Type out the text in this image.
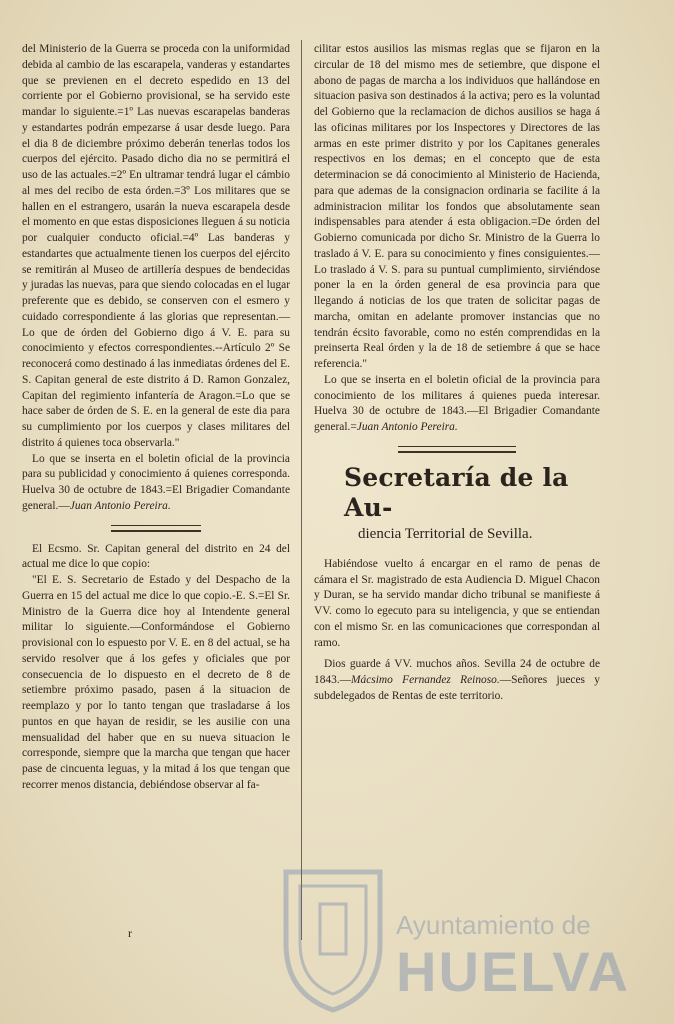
del Ministerio de la Guerra se proceda con la uniformidad debida al cambio de las escarapela, vanderas y estandartes que se previenen en el decreto espedido en 13 del corriente por el Gobierno provisional, se ha servido este mandar lo siguiente.=1º Las nuevas escarapelas banderas y estandartes podrán empezarse á usar desde luego. Para el dia 8 de diciembre próximo deberán tenerlas todos los cuerpos del ejército. Pasado dicho dia no se permitirá el uso de las actuales.=2º En ultramar tendrá lugar el cámbio al mes del recibo de esta órden.=3º Los militares que se hallen en el estrangero, usarán la nueva escarapela desde el momento en que estas disposiciones lleguen á su noticia por cualquier conducto oficial.=4º Las banderas y estandartes que actualmente tienen los cuerpos del ejército se remitirán al Museo de artillería despues de bendecidas y juradas las nuevas, para que siendo colocadas en el lugar preferente que es debido, se conserven con el esmero y cuidado correspondiente á las glorias que representan.—Lo que de órden del Gobierno digo á V. E. para su conocimiento y efectos correspondientes.--Artículo 2º Se reconocerá como destinado á las inmediatas órdenes del E. S. Capitan general de este distrito á D. Ramon Gonzalez, Capitan del regimiento infantería de Aragon.=Lo que se hace saber de órden de S. E. en la general de este dia para su cumplimiento por los cuerpos y clases militares del distrito á quienes toca observarla."

Lo que se inserta en el boletin oficial de la provincia para su publicidad y conocimiento á quienes corresponda. Huelva 30 de octubre de 1843.=El Brigadier Comandante general.—Juan Antonio Pereira.

El Ecsmo. Sr. Capitan general del distrito en 24 del actual me dice lo que copio:

"El E. S. Secretario de Estado y del Despacho de la Guerra en 15 del actual me dice lo que copio.-E. S.=El Sr. Ministro de la Guerra dice hoy al Intendente general militar lo siguiente.—Conformándose el Gobierno provisional con lo espuesto por V. E. en 8 del actual, se ha servido resolver que á los gefes y oficiales que por consecuencia de lo dispuesto en el decreto de 8 de setiembre próximo pasado, pasen á la situacion de reemplazo y por lo tanto tengan que trasladarse á los puntos en que hayan de residir, se les ausilie con una mensualidad del haber que en su nueva situacion le corresponde, siempre que la marcha que tengan que hacer pase de cincuenta leguas, y la mitad á los que tengan que recorrer menos distancia, debiéndose observar al fa-

cilitar estos ausilios las mismas reglas que se fijaron en la circular de 18 del mismo mes de setiembre, que dispone el abono de pagas de marcha a los individuos que hallándose en situacion pasiva son destinados á la activa; pero es la voluntad del Gobierno que la reclamacion de dichos ausilios se haga á las oficinas militares por los Inspectores y Directores de las armas en este primer distrito y por los Capitanes generales respectivos en los demas; en el concepto que de esta determinacion se dá conocimiento al Ministerio de Hacienda, para que ademas de la consignacion ordinaria se facilite á la administracion militar los fondos que absolutamente sean indispensables para atender á esta obligacion.=De órden del Gobierno comunicada por dicho Sr. Ministro de la Guerra lo traslado á V. E. para su conocimiento y fines consiguientes.—Lo traslado á V. S. para su puntual cumplimiento, sirviéndose poner la en la órden general de esa provincia para que llegando á noticias de los que traten de solicitar pagas de marcha, omitan en adelante promover instancias que no tendrán écsito favorable, como no estén comprendidas en la preinserta Real órden y la de 18 de setiembre á que se hace referencia."

Lo que se inserta en el boletin oficial de la provincia para conocimiento de los militares á quienes pueda interesar. Huelva 30 de octubre de 1843.—El Brigadier Comandante general.=Juan Antonio Pereira.

Secretaría de la Au-
diencia Territorial de Sevilla.

Habiéndose vuelto á encargar en el ramo de penas de cámara el Sr. magistrado de esta Audiencia D. Miguel Chacon y Duran, se ha servido mandar dicho tribunal se manifieste á VV. como lo egecuto para su inteligencia, y que se entiendan con el mismo Sr. en las comunicaciones que correspondan al ramo.

Dios guarde á VV. muchos años. Sevilla 24 de octubre de 1843.—Mácsimo Fernandez Reinoso.—Señores jueces y subdelegados de Rentas de este territorio.

r	Ayuntamiento de
HUELVA
